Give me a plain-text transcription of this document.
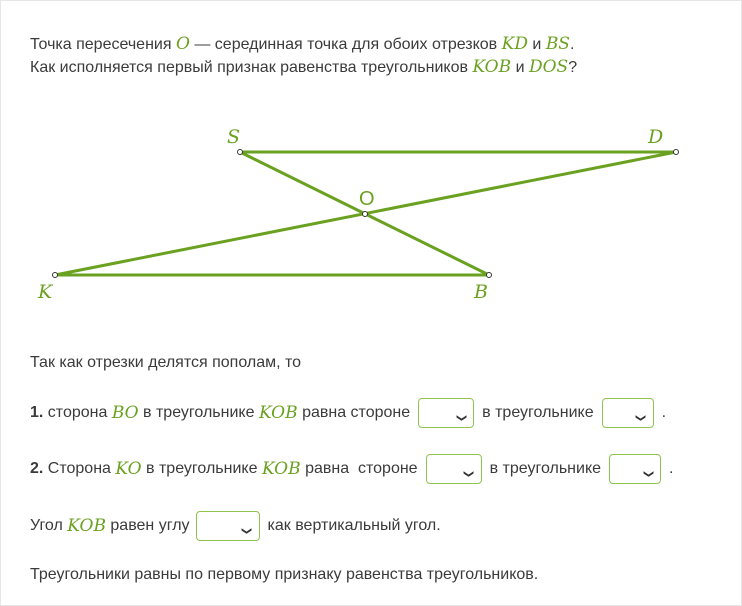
Точка пересечения O — серединная точка для обоих отрезков KD и BS.
Как исполняется первый признак равенства треугольников KOB и DOS?
S	D
K	B
O
Так как отрезки делятся пополам, то
1.
сторона
BO
в треугольнике
KOB
равна стороне	❯ в треугольнике	❯ .
2.
Сторона
KO
в треугольнике
KOB
равна  стороне	❯ в треугольнике	❯ .
Угол
KOB
равен углу	❯ как вертикальный угол.
Треугольники равны по первому признаку равенства треугольников.
